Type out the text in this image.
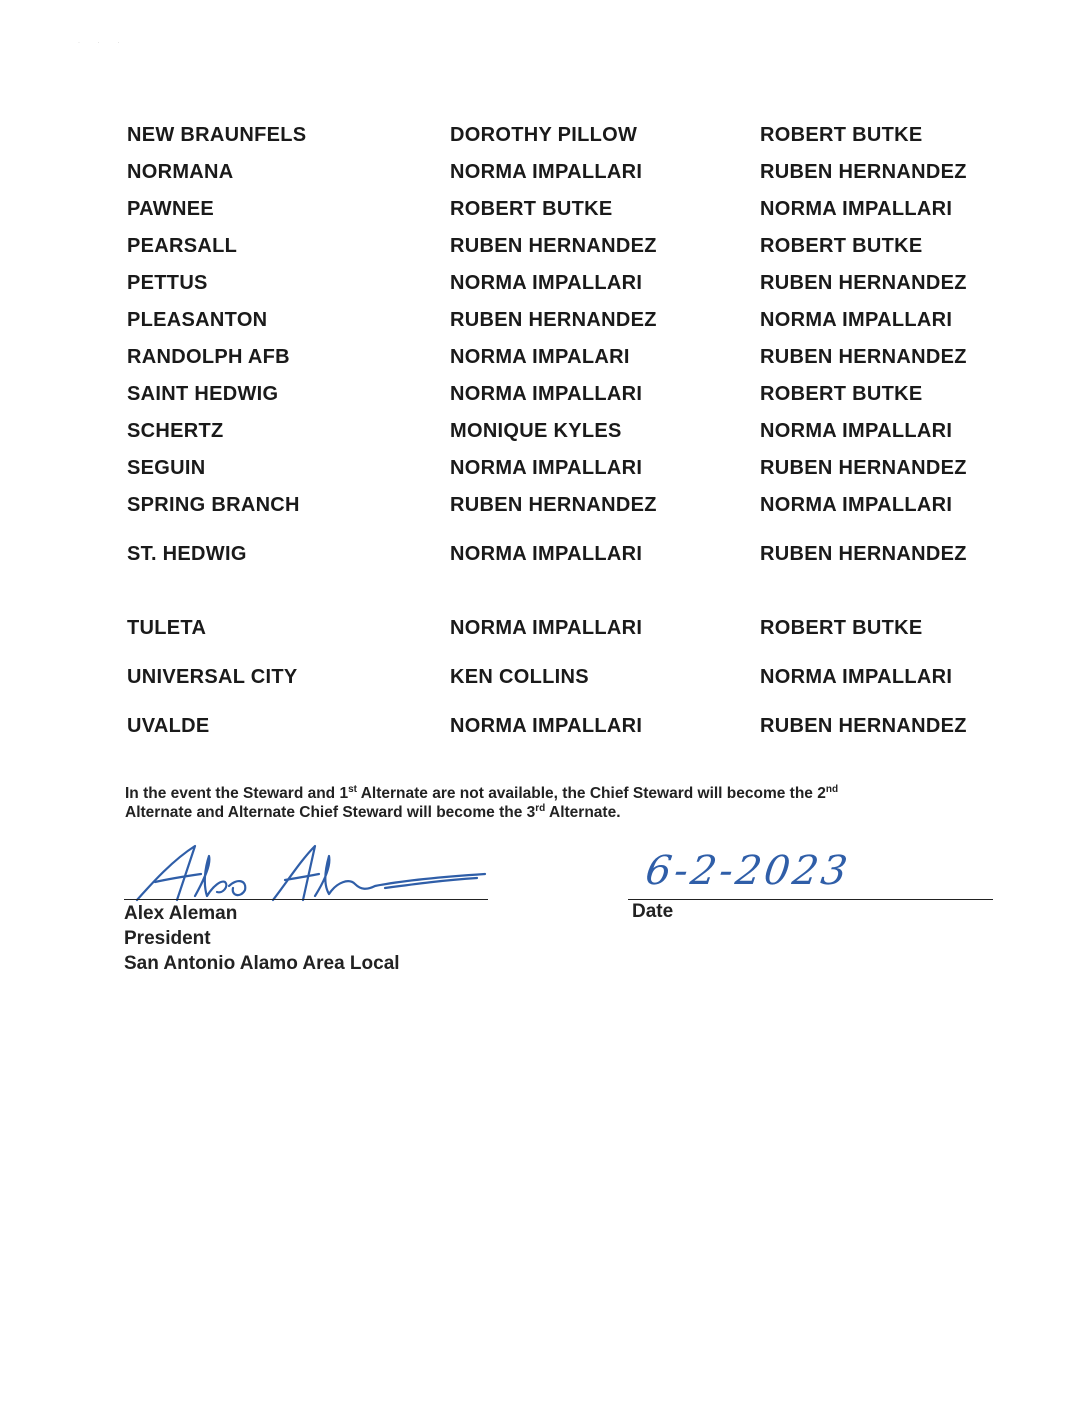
· · ·
NEW BRAUNFELS	DOROTHY PILLOW	ROBERT BUTKE
NORMANA	NORMA IMPALLARI	RUBEN HERNANDEZ
PAWNEE	ROBERT BUTKE	NORMA IMPALLARI
PEARSALL	RUBEN HERNANDEZ	ROBERT BUTKE
PETTUS	NORMA IMPALLARI	RUBEN HERNANDEZ
PLEASANTON	RUBEN HERNANDEZ	NORMA IMPALLARI
RANDOLPH AFB	NORMA IMPALARI	RUBEN HERNANDEZ
SAINT HEDWIG	NORMA IMPALLARI	ROBERT BUTKE
SCHERTZ	MONIQUE KYLES	NORMA IMPALLARI
SEGUIN	NORMA IMPALLARI	RUBEN HERNANDEZ
SPRING BRANCH	RUBEN HERNANDEZ	NORMA IMPALLARI
ST. HEDWIG	NORMA IMPALLARI	RUBEN HERNANDEZ
TULETA	NORMA IMPALLARI	ROBERT BUTKE
UNIVERSAL CITY	KEN COLLINS	NORMA IMPALLARI
UVALDE	NORMA IMPALLARI	RUBEN HERNANDEZ
In the event the Steward and 1st Alternate are not available, the Chief Steward will become the 2nd
Alternate and Alternate Chief Steward will become the 3rd Alternate.
Alex Aleman
President
San Antonio Alamo Area Local
6-2-2023
Date
